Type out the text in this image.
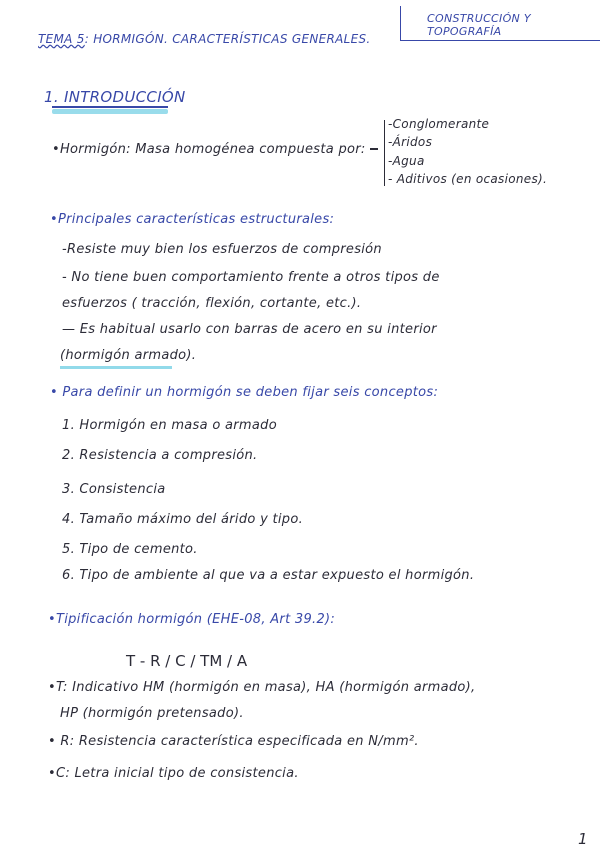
CONSTRUCCIÓN Y TOPOGRAFÍA
TEMA 5: HORMIGÓN. CARACTERÍSTICAS GENERALES.
1. INTRODUCCIÓN
•Hormigón: Masa homogénea compuesta por:
-Conglomerante
-Áridos
-Agua
- Aditivos (en ocasiones).
•Principales características estructurales:
-Resiste muy bien los esfuerzos de compresión
- No tiene buen comportamiento frente a otros tipos de
esfuerzos ( tracción, flexión, cortante, etc.).
— Es habitual usarlo con barras de acero en su interior
(hormigón armado).
• Para definir un hormigón se deben fijar seis conceptos:
1. Hormigón en masa o armado
2. Resistencia a compresión.
3. Consistencia
4. Tamaño máximo del árido y tipo.
5. Tipo de cemento.
6. Tipo de ambiente al que va a estar expuesto el hormigón.
•Tipificación hormigón (EHE-08, Art 39.2):
T - R / C / TM / A
•T: Indicativo HM (hormigón en masa), HA (hormigón armado),
HP (hormigón pretensado).
• R: Resistencia característica especificada en N/mm².
•C: Letra inicial tipo de consistencia.
1
